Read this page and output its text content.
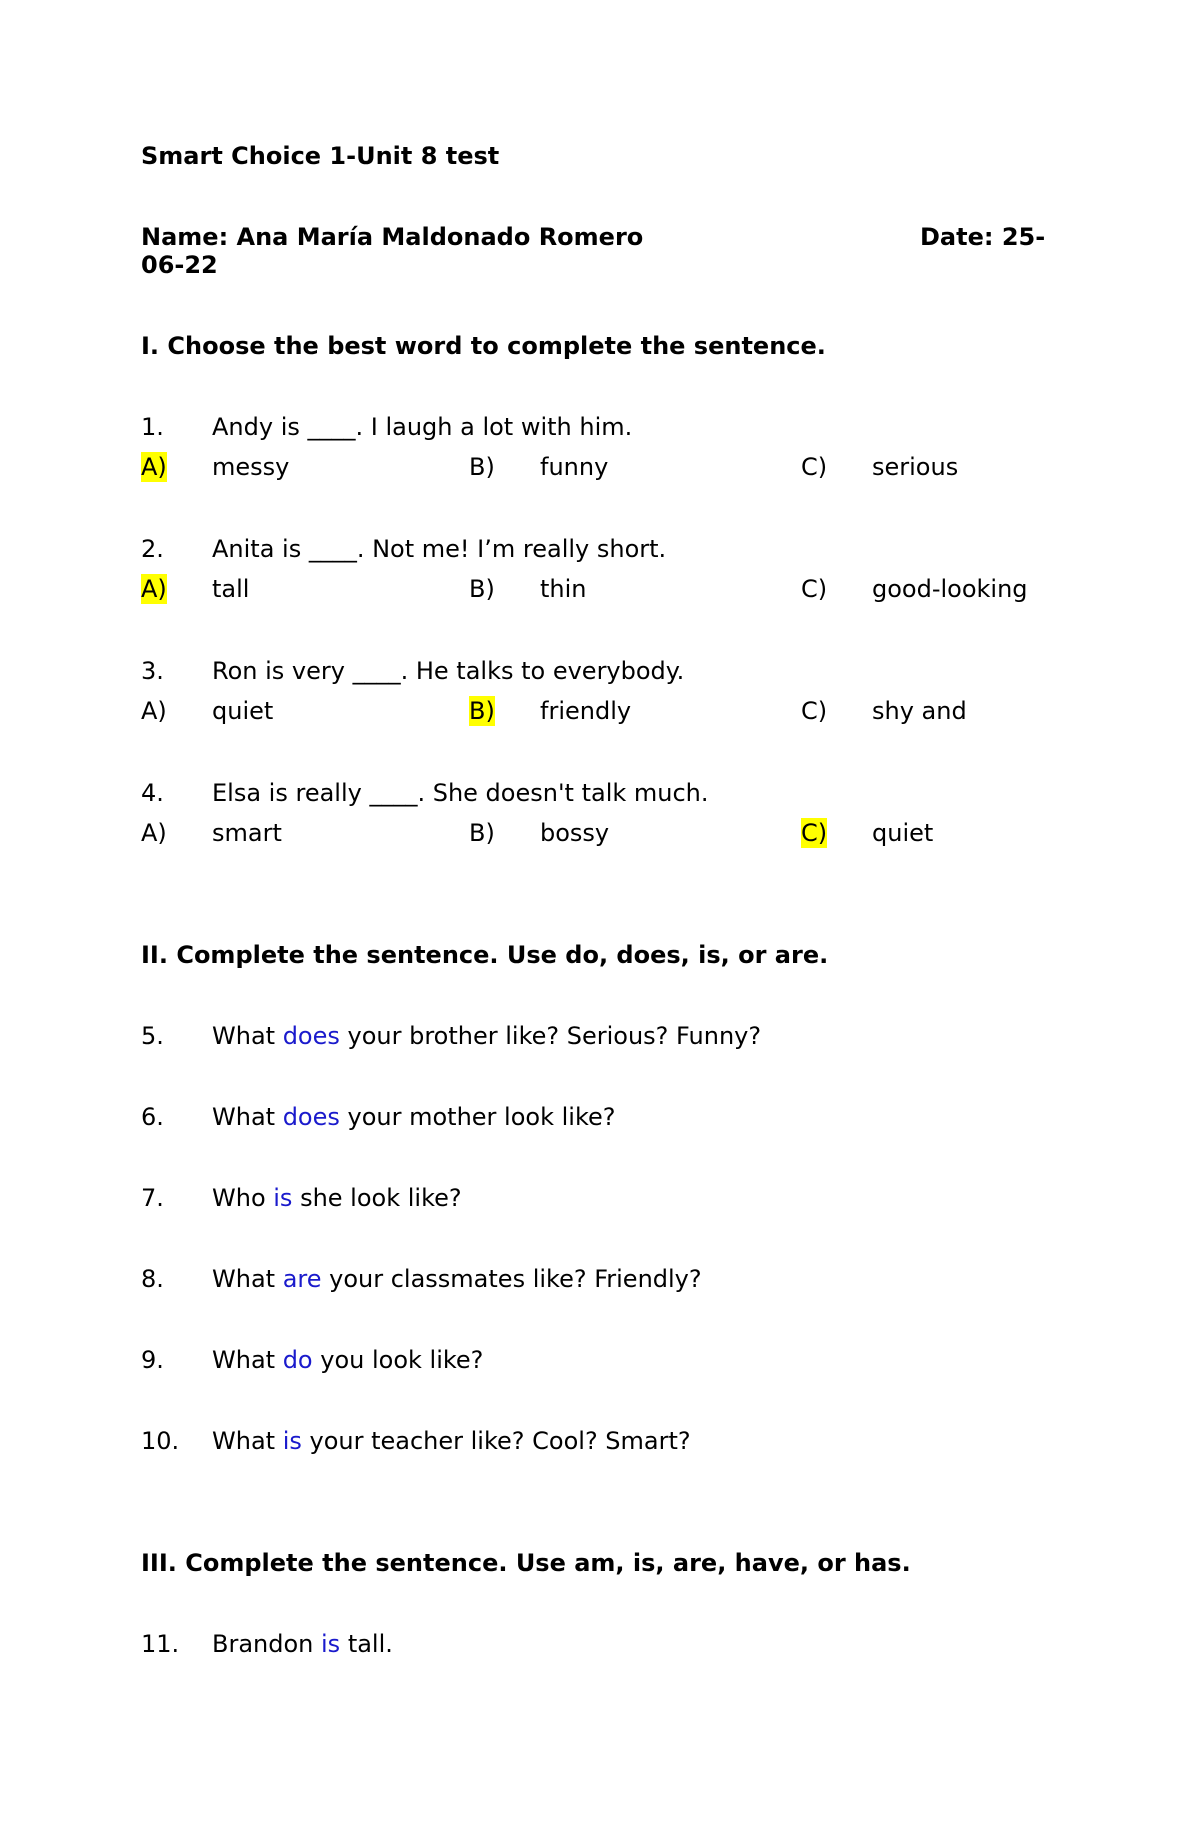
Smart Choice 1-Unit 8 test
Name: Ana María Maldonado Romero	Date: 25-
06-22
I. Choose the best word to complete the sentence.
1. Andy is ____. I laugh a lot with him.
A) messy	B) funny	C) serious
2. Anita is ____. Not me! I’m really short.
A) tall	B) thin	C) good-looking
3. Ron is very ____. He talks to everybody.
A) quiet	B) friendly	C) shy and
4. Elsa is really ____. She doesn't talk much.
A) smart	B) bossy	C) quiet
II. Complete the sentence. Use do, does, is, or are.
5. What does your brother like? Serious? Funny?
6. What does your mother look like?
7. Who is she look like?
8. What are your classmates like? Friendly?
9. What do you look like?
10. What is your teacher like? Cool? Smart?
III. Complete the sentence. Use am, is, are, have, or has.
11. Brandon is tall.
